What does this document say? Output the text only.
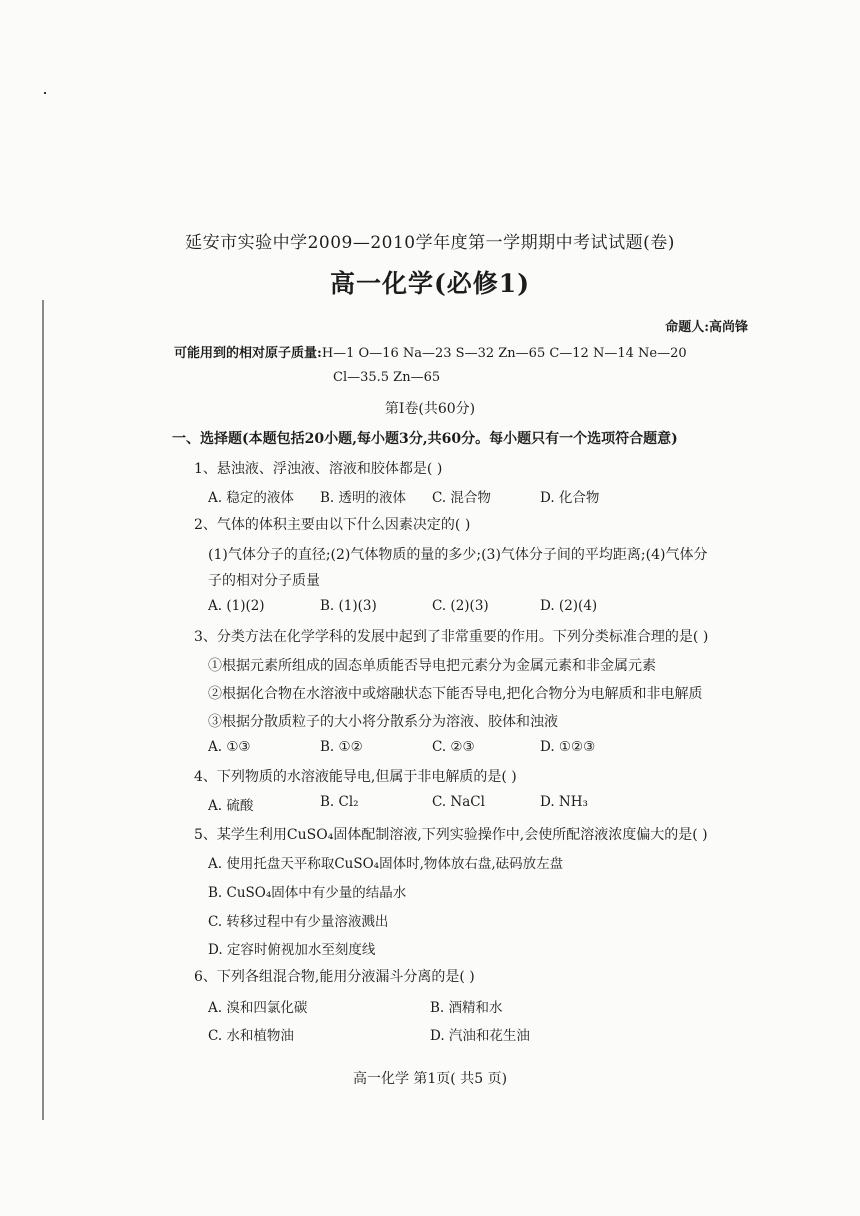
延安市实验中学2009—2010学年度第一学期期中考试试题(卷)
高一化学(必修1)
命题人:高尚锋
可能用到的相对原子质量:H—1 O—16 Na—23 S—32 Zn—65 C—12 N—14 Ne—20
Cl—35.5 Zn—65
第Ⅰ卷(共60分)
一、选择题(本题包括20小题,每小题3分,共60分。每小题只有一个选项符合题意)
1、悬浊液、浮浊液、溶液和胶体都是( )
A. 稳定的液体 B. 透明的液体 C. 混合物	D. 化合物
2、气体的体积主要由以下什么因素决定的( )
(1)气体分子的直径;(2)气体物质的量的多少;(3)气体分子间的平均距离;(4)气体分
子的相对分子质量
A. (1)(2)	B. (1)(3)	C. (2)(3)	D. (2)(4)
3、分类方法在化学学科的发展中起到了非常重要的作用。下列分类标准合理的是( )
①根据元素所组成的固态单质能否导电把元素分为金属元素和非金属元素
②根据化合物在水溶液中或熔融状态下能否导电,把化合物分为电解质和非电解质
③根据分散质粒子的大小将分散系分为溶液、胶体和浊液
A. ①③	B. ①②	C. ②③	D. ①②③
4、下列物质的水溶液能导电,但属于非电解质的是( )
A. 硫酸	B. Cl₂	C. NaCl	D. NH₃
5、某学生利用CuSO₄固体配制溶液,下列实验操作中,会使所配溶液浓度偏大的是( )
A. 使用托盘天平称取CuSO₄固体时,物体放右盘,砝码放左盘
B. CuSO₄固体中有少量的结晶水
C. 转移过程中有少量溶液溅出
D. 定容时俯视加水至刻度线
6、下列各组混合物,能用分液漏斗分离的是( )
A. 溴和四氯化碳	B. 酒精和水
C. 水和植物油	D. 汽油和花生油
高一化学 第1页( 共5 页)
